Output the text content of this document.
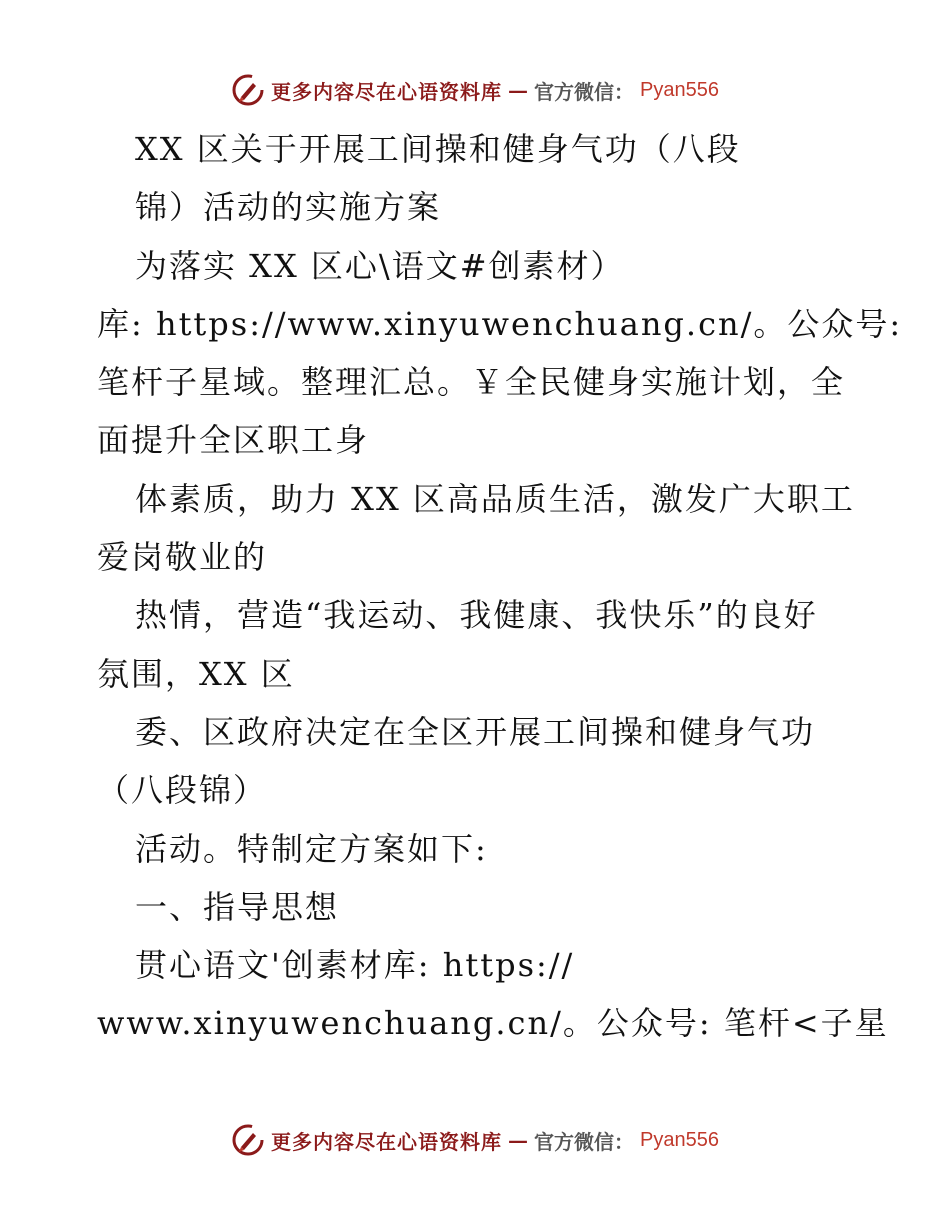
更多内容尽在心语资料库 — 官方微信： Pyan556
XX 区关于开展工间操和健身气功（八段
锦）活动的实施方案
为落实 XX 区心\语文#创素材）
库: https://www.xinyuwenchuang.cn/。公众号:
笔杆子星域。整理汇总。￥全民健身实施计划，全
面提升全区职工身
体素质，助力 XX 区高品质生活，激发广大职工
爱岗敬业的
热情，营造“我运动、我健康、我快乐”的良好
氛围，XX 区
委、区政府决定在全区开展工间操和健身气功
（八段锦）
活动。特制定方案如下:
一、指导思想
贯心语文'创素材库: https://
www.xinyuwenchuang.cn/。公众号: 笔杆<子星
更多内容尽在心语资料库 — 官方微信： Pyan556
